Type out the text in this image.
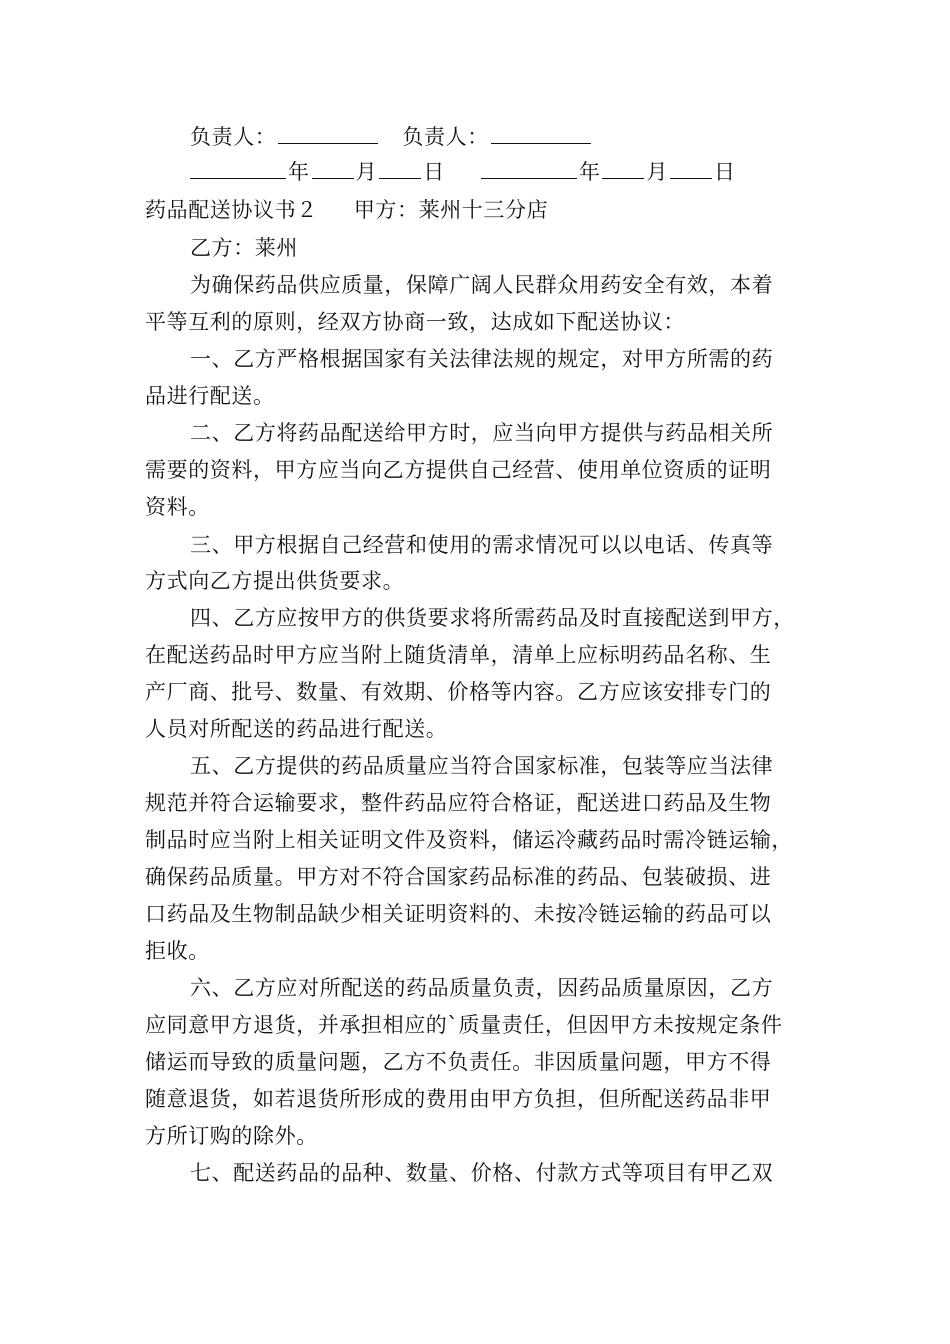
负责人：	负责人：
年 月 日	年 月 日
药品配送协议书２ 甲方：莱州十三分店
乙方：莱州
为确保药品供应质量，保障广阔人民群众用药安全有效，本着
平等互利的原则，经双方协商一致，达成如下配送协议：
一、乙方严格根据国家有关法律法规的规定，对甲方所需的药
品进行配送。
二、乙方将药品配送给甲方时，应当向甲方提供与药品相关所
需要的资料，甲方应当向乙方提供自己经营、使用单位资质的证明
资料。
三、甲方根据自己经营和使用的需求情况可以以电话、传真等
方式向乙方提出供货要求。
四、乙方应按甲方的供货要求将所需药品及时直接配送到甲方，
在配送药品时甲方应当附上随货清单，清单上应标明药品名称、生
产厂商、批号、数量、有效期、价格等内容。乙方应该安排专门的
人员对所配送的药品进行配送。
五、乙方提供的药品质量应当符合国家标准，包装等应当法律
规范并符合运输要求，整件药品应符合格证，配送进口药品及生物
制品时应当附上相关证明文件及资料，储运冷藏药品时需冷链运输，
确保药品质量。甲方对不符合国家药品标准的药品、包装破损、进
口药品及生物制品缺少相关证明资料的、未按冷链运输的药品可以
拒收。
六、乙方应对所配送的药品质量负责，因药品质量原因，乙方
应同意甲方退货，并承担相应的`质量责任，但因甲方未按规定条件
储运而导致的质量问题，乙方不负责任。非因质量问题，甲方不得
随意退货，如若退货所形成的费用由甲方负担，但所配送药品非甲
方所订购的除外。
七、配送药品的品种、数量、价格、付款方式等项目有甲乙双
